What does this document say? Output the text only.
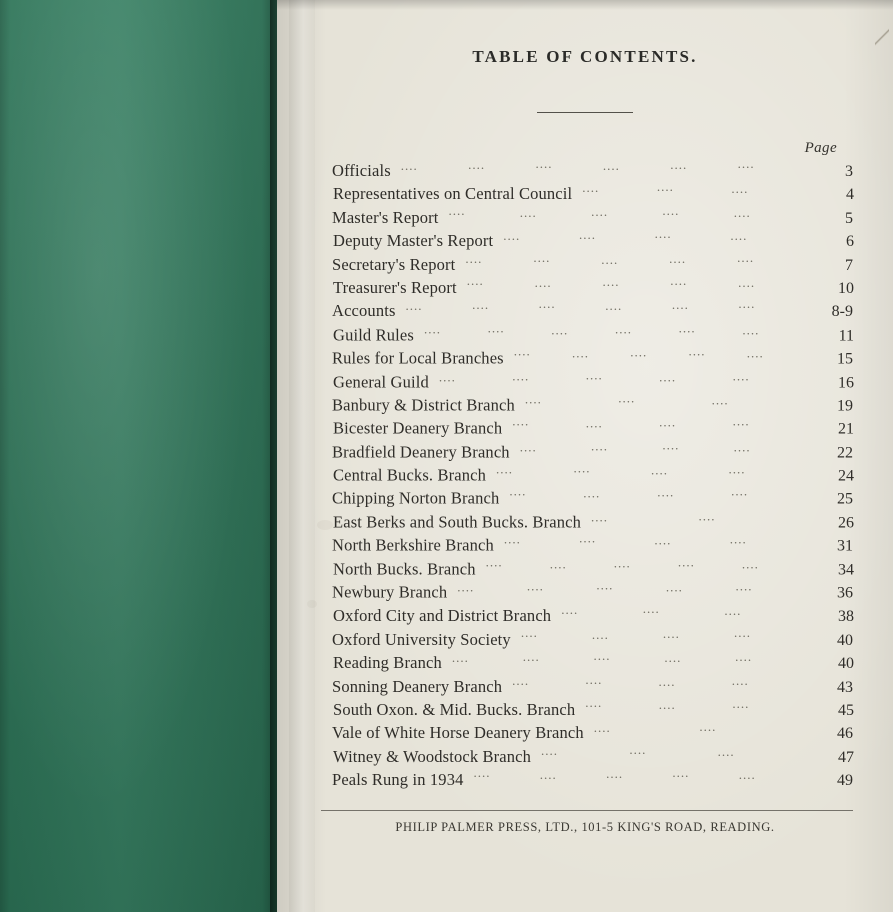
TABLE OF CONTENTS.
Page
Officials ....	....	....	....	....	....	3
Representatives on Central Council ....	....	....	4
Master's Report ....	....	....	....	....	5
Deputy Master's Report ....	....	....	....	6
Secretary's Report ....	....	....	....	....	7
Treasurer's Report ....	....	....	....	....	10
Accounts ....	....	....	....	....	....	8-9
Guild Rules ....	....	....	....	....	....	11
Rules for Local Branches ....	....	....	....	....	15
General Guild ....	....	....	....	....	16
Banbury & District Branch ....	....	....	19
Bicester Deanery Branch ....	....	....	....	21
Bradfield Deanery Branch ....	....	....	....	22
Central Bucks. Branch ....	....	....	....	24
Chipping Norton Branch ....	....	....	....	25
East Berks and South Bucks. Branch ....	....	26
North Berkshire Branch ....	....	....	....	31
North Bucks. Branch ....	....	....	....	....	34
Newbury Branch ....	....	....	....	....	36
Oxford City and District Branch ....	....	....	38
Oxford University Society ....	....	....	....	40
Reading Branch ....	....	....	....	....	40
Sonning Deanery Branch ....	....	....	....	43
South Oxon. & Mid. Bucks. Branch ....	....	....	45
Vale of White Horse Deanery Branch ....	....	46
Witney & Woodstock Branch ....	....	....	47
Peals Rung in 1934 ....	....	....	....	....	49
PHILIP PALMER PRESS, LTD., 101-5 KING'S ROAD, READING.
